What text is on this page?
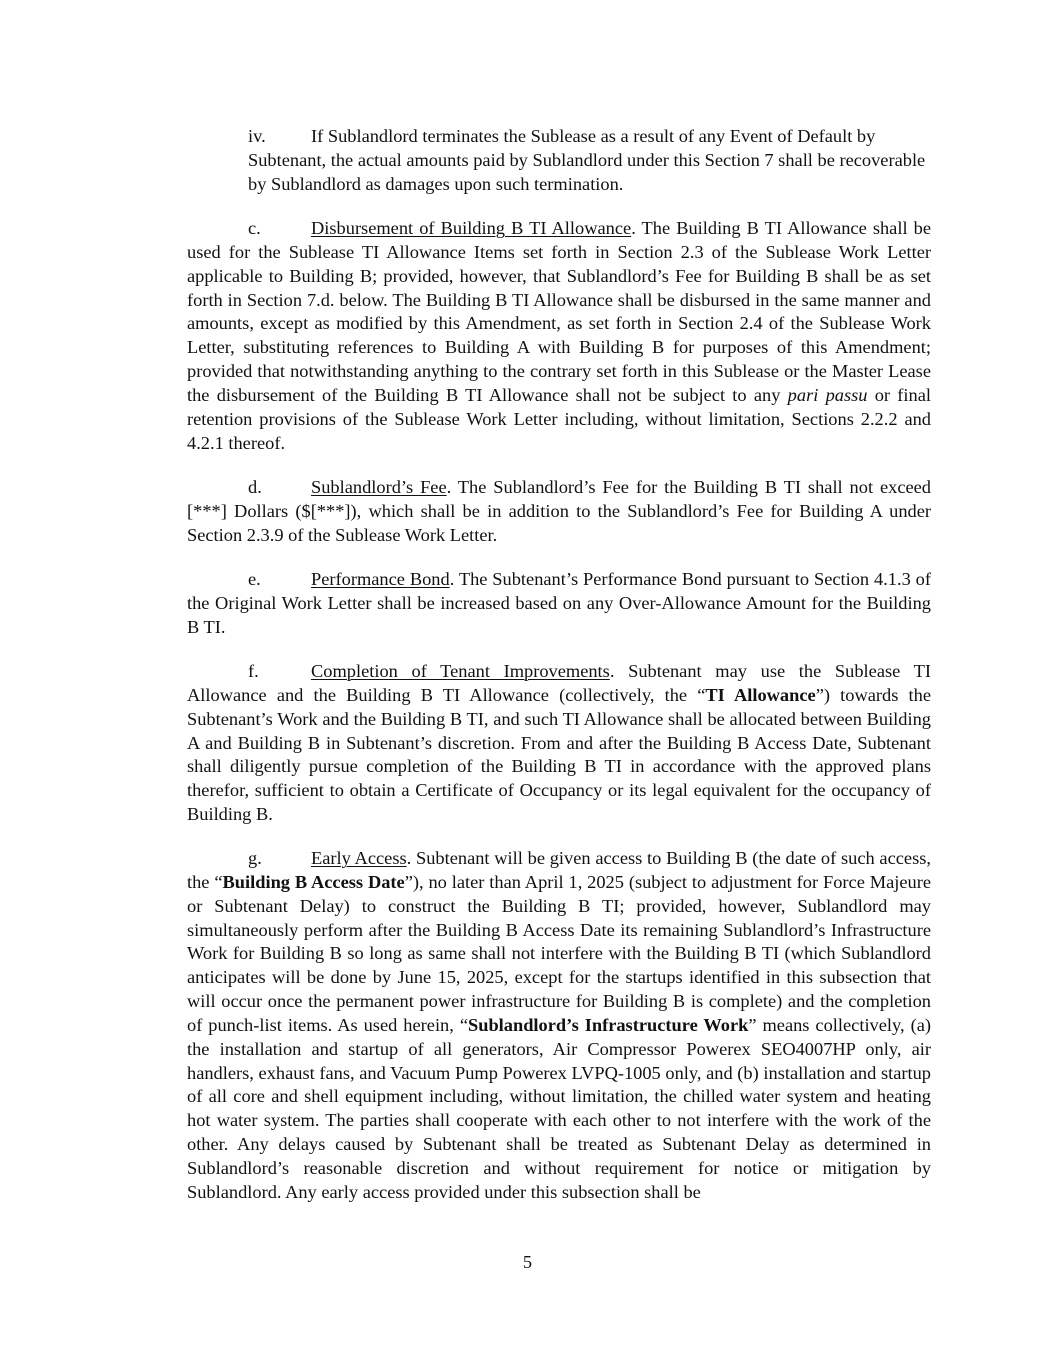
iv. If Sublandlord terminates the Sublease as a result of any Event of Default by Subtenant, the actual amounts paid by Sublandlord under this Section 7 shall be recoverable by Sublandlord as damages upon such termination.

c.	Disbursement of Building B TI Allowance. The Building B TI Allowance shall be used for the Sublease TI Allowance Items set forth in Section 2.3 of the Sublease Work Letter applicable to Building B; provided, however, that Sublandlord’s Fee for Building B shall be as set forth in Section 7.d. below. The Building B TI Allowance shall be disbursed in the same manner and amounts, except as modified by this Amendment, as set forth in Section 2.4 of the Sublease Work Letter, substituting references to Building A with Building B for purposes of this Amendment; provided that notwithstanding anything to the contrary set forth in this Sublease or the Master Lease the disbursement of the Building B TI Allowance shall not be subject to any pari passu or final retention provisions of the Sublease Work Letter including, without limitation, Sections 2.2.2 and 4.2.1 thereof.

d.	Sublandlord’s Fee. The Sublandlord’s Fee for the Building B TI shall not exceed [***] Dollars ($[***]), which shall be in addition to the Sublandlord’s Fee for Building A under Section 2.3.9 of the Sublease Work Letter.

e.	Performance Bond. The Subtenant’s Performance Bond pursuant to Section 4.1.3 of the Original Work Letter shall be increased based on any Over-Allowance Amount for the Building B TI.

f.	Completion of Tenant Improvements. Subtenant may use the Sublease TI Allowance and the Building B TI Allowance (collectively, the “TI Allowance”) towards the Subtenant’s Work and the Building B TI, and such TI Allowance shall be allocated between Building A and Building B in Subtenant’s discretion. From and after the Building B Access Date, Subtenant shall diligently pursue completion of the Building B TI in accordance with the approved plans therefor, sufficient to obtain a Certificate of Occupancy or its legal equivalent for the occupancy of Building B.

g.	Early Access. Subtenant will be given access to Building B (the date of such access, the “Building B Access Date”), no later than April 1, 2025 (subject to adjustment for Force Majeure or Subtenant Delay) to construct the Building B TI; provided, however, Sublandlord may simultaneously perform after the Building B Access Date its remaining Sublandlord’s Infrastructure Work for Building B so long as same shall not interfere with the Building B TI (which Sublandlord anticipates will be done by June 15, 2025, except for the startups identified in this subsection that will occur once the permanent power infrastructure for Building B is complete) and the completion of punch-list items. As used herein, “Sublandlord’s Infrastructure Work” means collectively, (a) the installation and startup of all generators, Air Compressor Powerex SEO4007HP only, air handlers, exhaust fans, and Vacuum Pump Powerex LVPQ-1005 only, and (b) installation and startup of all core and shell equipment including, without limitation, the chilled water system and heating hot water system. The parties shall cooperate with each other to not interfere with the work of the other. Any delays caused by Subtenant shall be treated as Subtenant Delay as determined in Sublandlord’s reasonable discretion and without requirement for notice or mitigation by Sublandlord. Any early access provided under this subsection shall be

5
